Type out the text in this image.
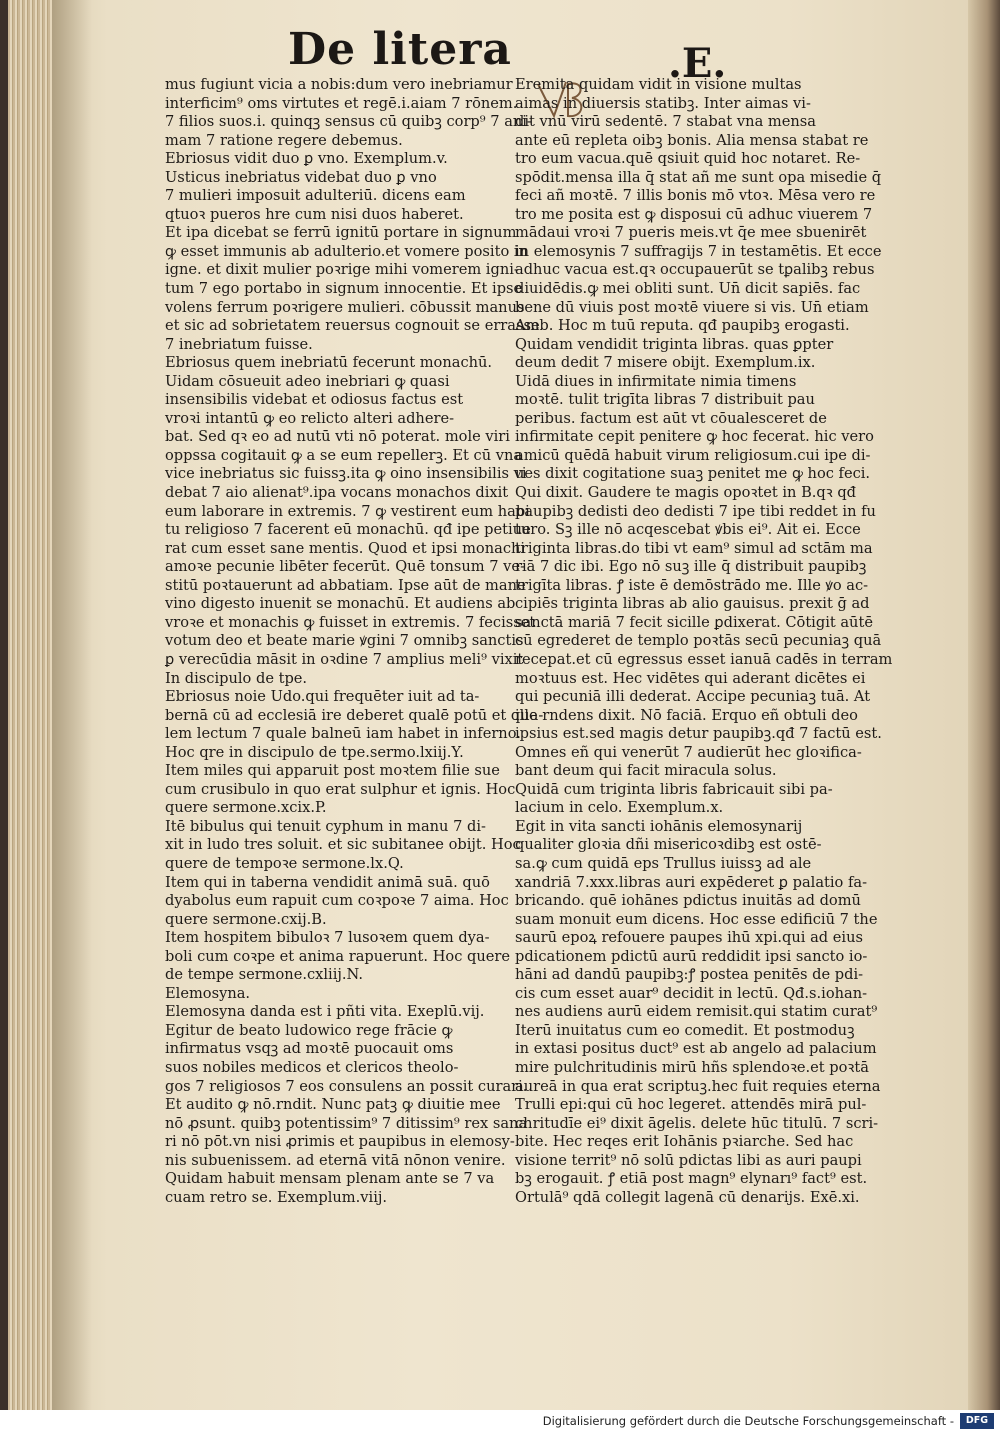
De litera	.E.

mus fugiunt vicia a nobis:dum vero inebriamur

interficim⁹ oms virtutes et regē.i.aiam 7 rōnem.

7 filios suos.i. quinqꝫ sensus cū quibꝫ corp⁹ 7 ani-

mam 7 ratione regere debemus.

Ebriosus vidit duo ꝑ vno. Exemplum.v.

Usticus inebriatus videbat duo ꝑ vno

7 mulieri imposuit adulteriū. dicens eam

qtuoꝛ pueros hre cum nisi duos haberet.

Et ipa dicebat se ferrū ignitū portare in signum

ꝙ esset immunis ab adulterio.et vomere posito in

igne. et dixit mulier poꝛrige mihi vomerem igni-

tum 7 ego portabo in signum innocentie. Et ipse

volens ferrum poꝛrigere mulieri. cōbussit manus

et sic ad sobrietatem reuersus cognouit se errasse

7 inebriatum fuisse.

Ebriosus quem inebriatū fecerunt monachū.

Uidam cōsueuit adeo inebriari ꝙ quasi

insensibilis videbat et odiosus factus est

vroꝛi intantū ꝙ eo relicto alteri adhere-

bat. Sed qꝛ eo ad nutū vti nō poterat. mole viri

oppssa cogitauit ꝙ a se eum repellerꝫ. Et cū vna

vice inebriatus sic fuissꝫ.ita ꝙ oino insensibilis vi

debat 7 aio alienat⁹.ipa vocans monachos dixit

eum laborare in extremis. 7 ꝙ vestirent eum habi

tu religioso 7 facerent eū monachū. qđ ipe petiue

rat cum esset sane mentis. Quod et ipsi monachi

amoꝛe pecunie libēter fecerūt. Quē tonsum 7 ve-

stitū poꝛtauerunt ad abbatiam. Ipse aūt de mane

vino digesto inuenit se monachū. Et audiens ab

vroꝛe et monachis ꝙ fuisset in extremis. 7 fecisset

votum deo et beate marie ꝟgini 7 omnibꝫ sanctis

ꝑ verecūdia māsit in oꝛdine 7 amplius meli⁹ vixit

In discipulo de tpe.

Ebriosus noie Udo.qui frequēter iuit ad ta-

bernā cū ad ecclesiā ire deberet qualē potū et qua-

lem lectum 7 quale balneū iam habet in inferno.

Hoc qre in discipulo de tpe.sermo.lxiij.Y.

Item miles qui apparuit post moꝛtem filie sue

cum crusibulo in quo erat sulphur et ignis. Hoc

quere sermone.xcix.P.

Itē bibulus qui tenuit cyphum in manu 7 di-

xit in ludo tres soluit. et sic subitanee obijt. Hoc

quere de tempoꝛe sermone.lx.Q.

Item qui in taberna vendidit animā suā. quō

dyabolus eum rapuit cum coꝛpoꝛe 7 aima. Hoc

quere sermone.cxij.B.

Item hospitem bibuloꝛ 7 lusoꝛem quem dya-

boli cum coꝛpe et anima rapuerunt. Hoc quere

de tempe sermone.cxliij.N.

Elemosyna.

Elemosyna danda est i pñti vita. Exeplū.vij.

Egitur de beato ludowico rege frācie ꝙ

infirmatus vsqꝫ ad moꝛtē puocauit oms

suos nobiles medicos et clericos theolo-

gos 7 religiosos 7 eos consulens an possit curari.

Et audito ꝙ nō.rndit. Nunc patꝫ ꝙ diuitie mee

nō ꝓsunt. quibꝫ potentissim⁹ 7 ditissim⁹ rex sana

ri nō pōt.vn nisi ꝓrimis et paupibus in elemosy-

nis subuenissem. ad eternā vitā nōnon venire.

Quidam habuit mensam plenam ante se 7 va

cuam retro se. Exemplum.viij.

Eremita quidam vidit in visione multas

aimas in diuersis statibꝫ. Inter aimas vi-

dit vnū virū sedentē. 7 stabat vna mensa

ante eū repleta oibꝫ bonis. Alia mensa stabat re

tro eum vacua.quē qsiuit quid hoc notaret. Re-

spōdit.mensa illa q̄ stat añ me sunt opa misedie q̄

feci añ moꝛtē. 7 illis bonis mō vtoꝛ. Mēsa vero re

tro me posita est ꝙ disposui cū adhuc viuerem 7

mādaui vroꝛi 7 pueris meis.vt q̄e mee sbuenirēt

in elemosynis 7 suffragijs 7 in testamētis. Et ecce

adhuc vacua est.qꝛ occupauerūt se tꝑalibꝫ rebus

diuidēdis.ꝙ mei obliti sunt. Un̄ dicit sapiēs. fac

bene dū viuis post moꝛtē viuere si vis. Un̄ etiam

Amb. Hoc m tuū reputa. qđ paupibꝫ erogasti.

Quidam vendidit triginta libras. quas ꝑpter

deum dedit 7 misere obijt. Exemplum.ix.

Uidā diues in infirmitate nimia timens

moꝛtē. tulit trigīta libras 7 distribuit pau

peribus. factum est aūt vt cōualesceret de

infirmitate cepit penitere ꝙ hoc fecerat. hic vero

amicū quēdā habuit virum religiosum.cui ipe di-

ues dixit cogitatione suaꝫ penitet me ꝙ hoc feci.

Qui dixit. Gaudere te magis opoꝛtet in B.qꝛ qđ

paupibꝫ dedisti deo dedisti 7 ipe tibi reddet in fu

turo. Sꝫ ille nō acqescebat ꝟbis ei⁹. Ait ei. Ecce

triginta libras.do tibi vt eam⁹ simul ad sctām ma

riā 7 dic ibi. Ego nō suꝫ ille q̄ distribuit paupibꝫ

trigīta libras. ꝭ iste ē demōstrādo me. Ille ꝟo ac-

cipiēs triginta libras ab alio gauisus. prexit ḡ ad

sanctā mariā 7 fecit sicille ꝑdixerat. Cōtigit aūtē

cū egrederet de templo poꝛtās secū pecuniaꝫ quā

recepat.et cū egressus esset ianuā cadēs in terram

moꝛtuus est. Hec vidētes qui aderant dicētes ei

qui pecuniā illi dederat. Accipe pecuniaꝫ tuā. At

ille rndens dixit. Nō faciā. Erquo eñ obtuli deo

ipsius est.sed magis detur paupibꝫ.qđ 7 factū est.

Omnes eñ qui venerūt 7 audierūt hec gloꝛifica-

bant deum qui facit miracula solus.

Quidā cum triginta libris fabricauit sibi pa-

lacium in celo. Exemplum.x.

Egit in vita sancti iohānis elemosynarij

qualiter gloꝛia dñi misericoꝛdibꝫ est ostē-

sa.ꝙ cum quidā eps Trullus iuissꝫ ad ale

xandriā 7.xxx.libras auri expēderet ꝑ palatio fa-

bricando. quē iohānes pdictus inuitās ad domū

suam monuit eum dicens. Hoc esse edificiū 7 the

saurū epoꝝ refouere paupes ihū xpi.qui ad eius

pdicationem pdictū aurū reddidit ipsi sancto io-

hāni ad dandū paupibꝫ:ꝭ postea penitēs de pdi-

cis cum esset auar⁹ decidit in lectū. Qđ.s.iohan-

nes audiens aurū eidem remisit.qui statim curat⁹

Iterū inuitatus cum eo comedit. Et postmoduꝫ

in extasi positus duct⁹ est ab angelo ad palacium

mire pulchritudinis mirū hñs splendoꝛe.et poꝛtā

aureā in qua erat scriptuꝫ.hec fuit requies eterna

Trulli epi:qui cū hoc legeret. attendēs mirā pul-

chritudīe ei⁹ dixit āgelis. delete hūc titulū. 7 scri-

bite. Hec reqes erit Iohānis pꝛiarche. Sed hac

visione territ⁹ nō solū pdictas libi as auri paupi

bꝫ erogauit. ꝭ etiā post magn⁹ elynarı⁹ fact⁹ est.

Ortulā⁹ qdā collegit lagenā cū denarijs. Exē.xi.

Digitalisierung gefördert durch die Deutsche Forschungsgemeinschaft -	DFG
